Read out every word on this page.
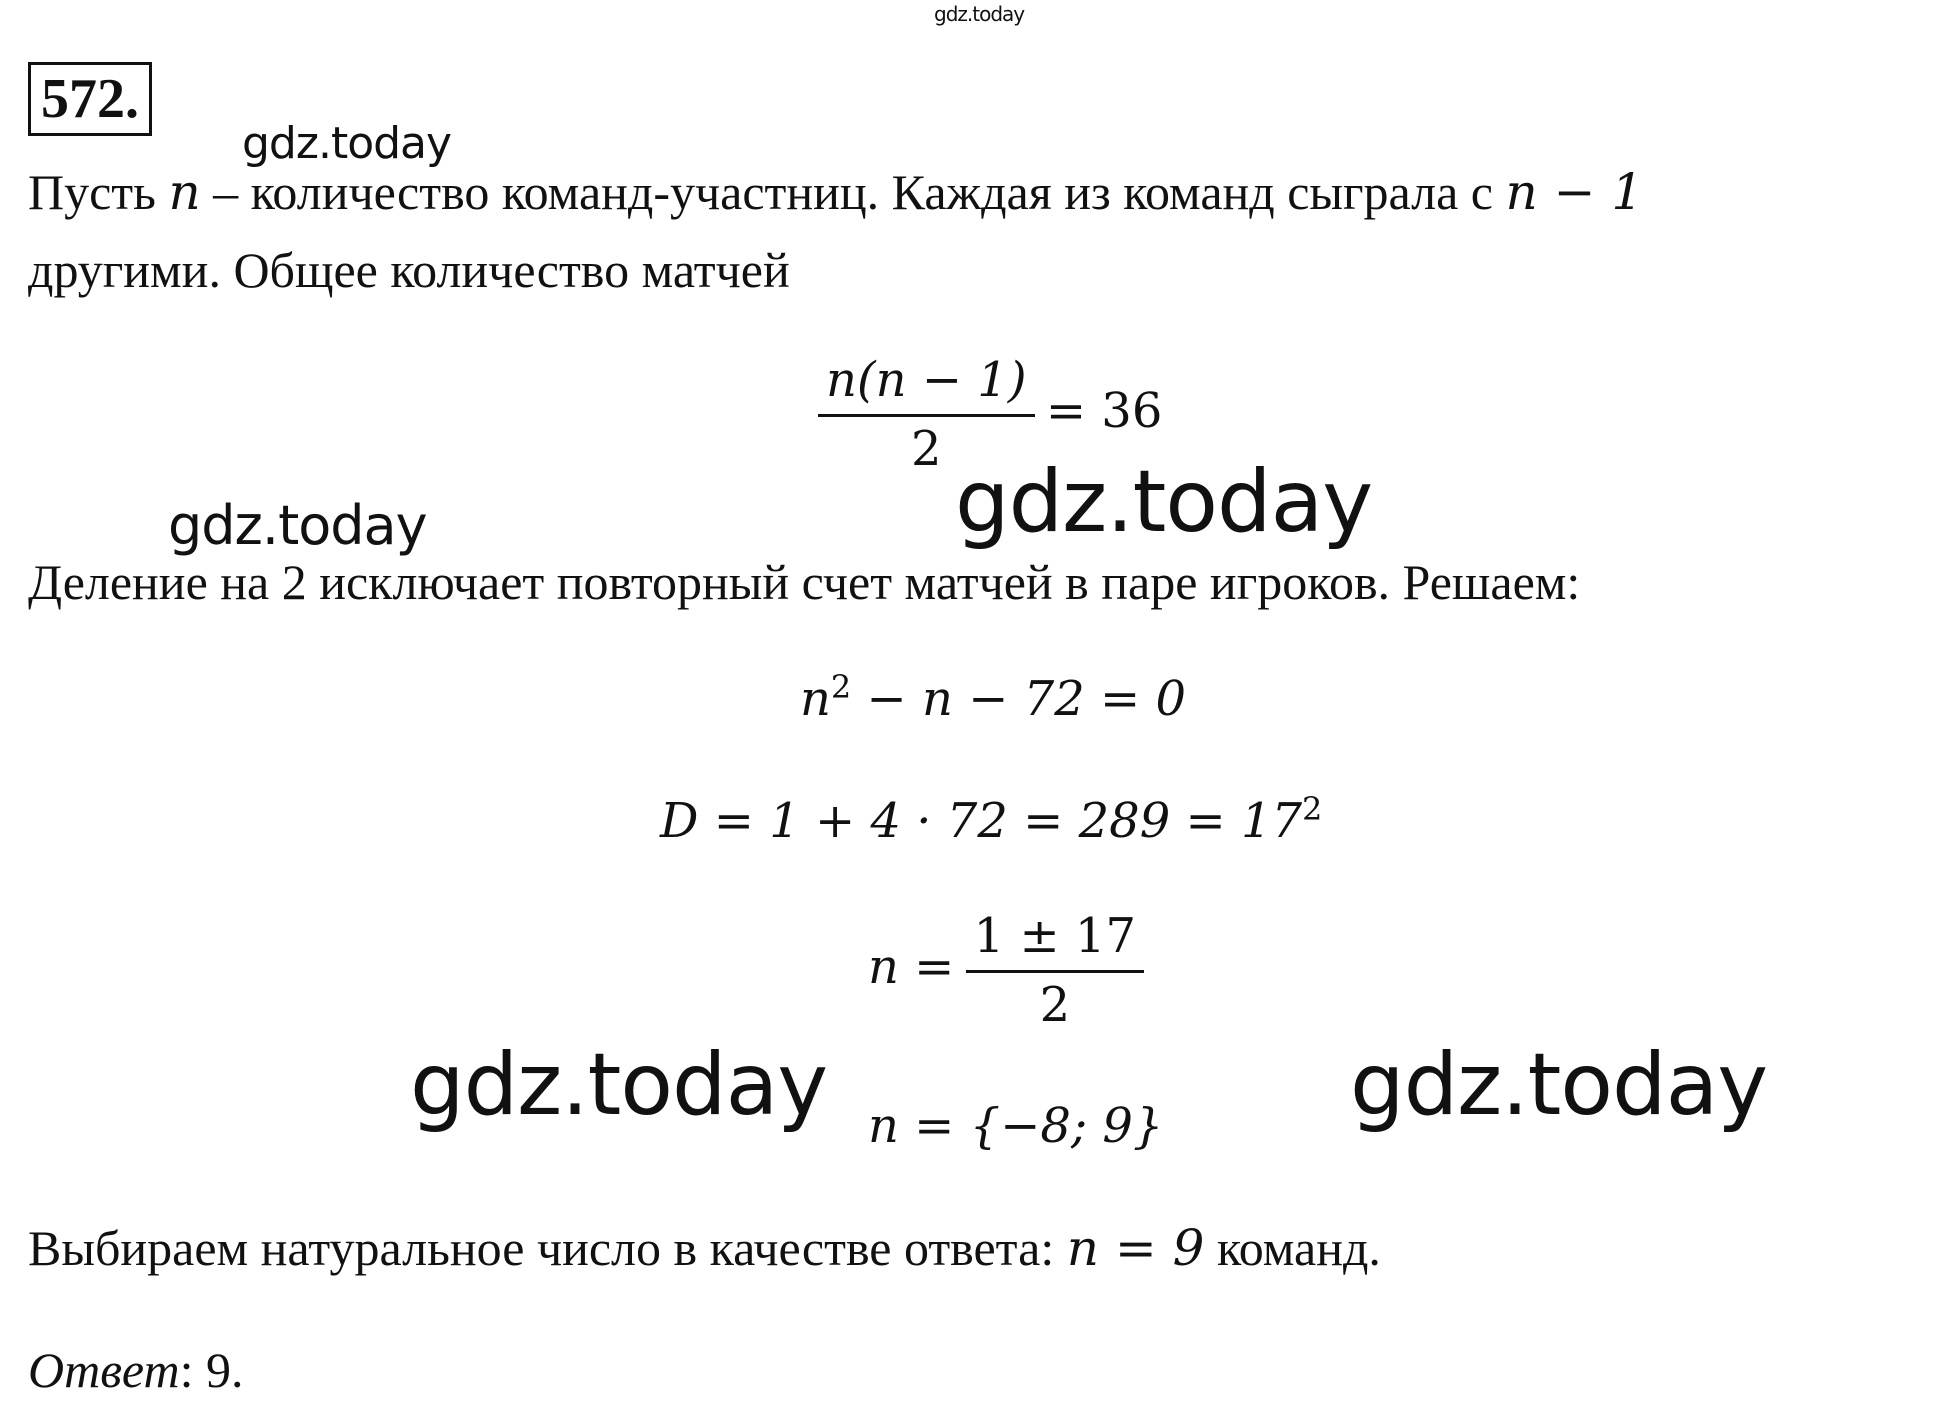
gdz.today
gdz.today
gdz.today	gdz.today
gdz.today	gdz.today
572.
Пусть n – количество команд-участниц. Каждая из команд сыграла с n − 1
другими. Общее количество матчей
$\frac{n(n - 1)}{2} = 36$
Деление на 2 исключает повторный счет матчей в паре игроков. Решаем:
$n^2 - n - 72 = 0$
$D = 1 + 4 \cdot 72 = 289 = 17^2$
$n = \frac{1 \pm 17}{2}$
n = {−8; 9}
Выбираем натуральное число в качестве ответа: n = 9 команд.
Ответ: 9.
